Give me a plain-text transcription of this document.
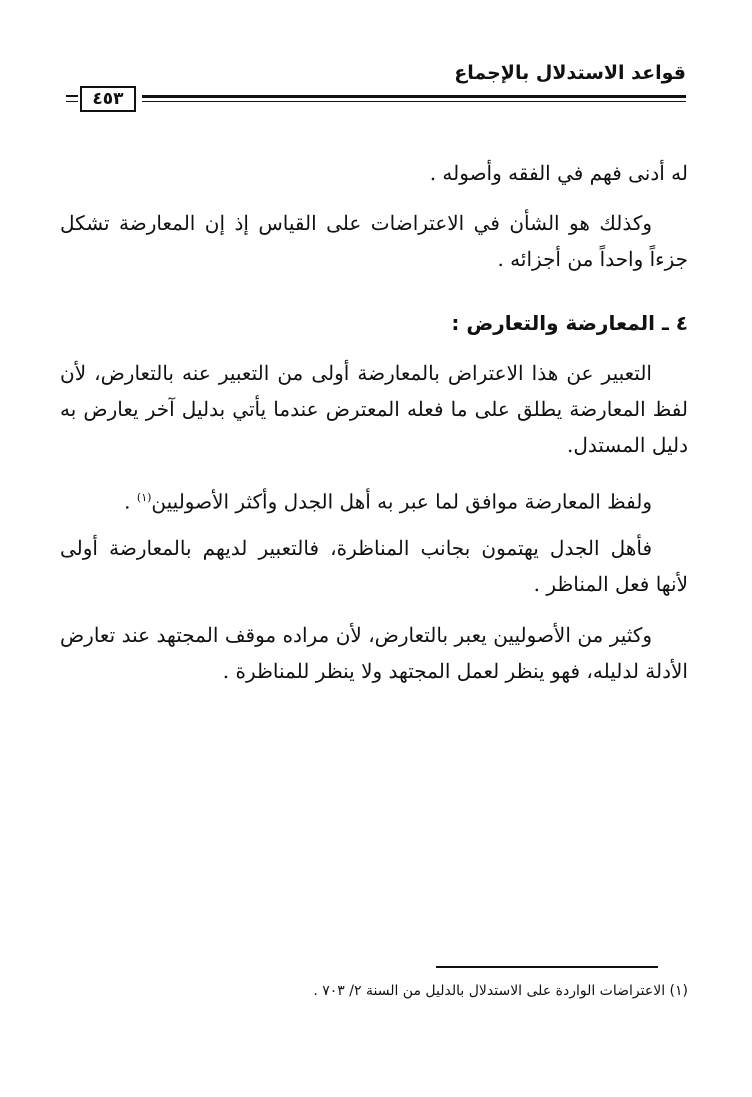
قواعد الاستدلال بالإجماع
٤٥٣

له أدنى فهم في الفقه وأصوله .

وكذلك هو الشأن في الاعتراضات على القياس إذ إن المعارضة تشكل جزءاً واحداً من أجزائه .

٤ ـ المعارضة والتعارض :

التعبير عن هذا الاعتراض بالمعارضة أولى من التعبير عنه بالتعارض، لأن لفظ المعارضة يطلق على ما فعله المعترض عندما يأتي بدليل آخر يعارض به دليل المستدل.

ولفظ المعارضة موافق لما عبر به أهل الجدل وأكثر الأصوليين$^{(١)}$ .

فأهل الجدل يهتمون بجانب المناظرة، فالتعبير لديهم بالمعارضة أولى لأنها فعل المناظر .

وكثير من الأصوليين يعبر بالتعارض، لأن مراده موقف المجتهد عند تعارض الأدلة لدليله، فهو ينظر لعمل المجتهد ولا ينظر للمناظرة .

(١) الاعتراضات الواردة على الاستدلال بالدليل من السنة ٢/ ٧٠٣ .
